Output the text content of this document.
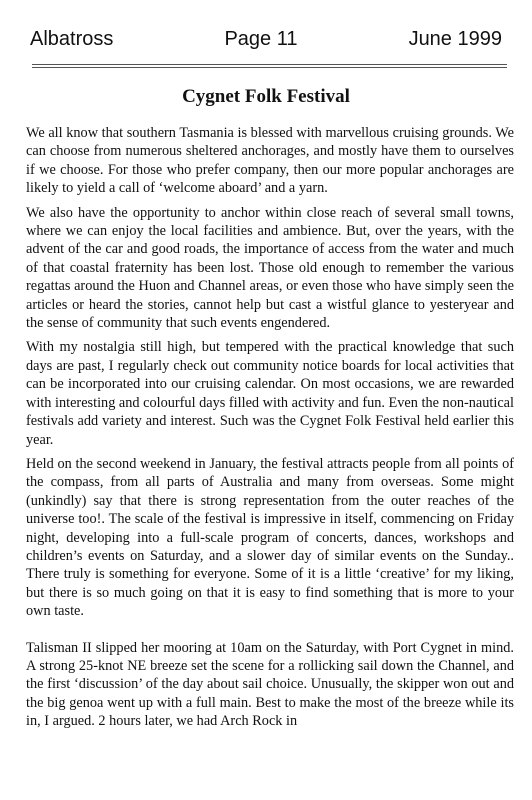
Albatross	Page 11	June 1999
Cygnet Folk Festival

We all know that southern Tasmania is blessed with marvellous cruising grounds. We can choose from numerous sheltered anchorages, and mostly have them to ourselves if we choose. For those who prefer company, then our more popular anchorages are likely to yield a call of ‘welcome aboard’ and a yarn.

We also have the opportunity to anchor within close reach of several small towns, where we can enjoy the local facilities and ambience. But, over the years, with the advent of the car and good roads, the importance of access from the water and much of that coastal fraternity has been lost. Those old enough to remember the various regattas around the Huon and Channel areas, or even those who have simply seen the articles or heard the stories, cannot help but cast a wistful glance to yesteryear and the sense of community that such events engendered.

With my nostalgia still high, but tempered with the practical knowledge that such days are past, I regularly check out community notice boards for local activities that can be incorporated into our cruising calendar. On most occasions, we are rewarded with interesting and colourful days filled with activity and fun. Even the non-nautical festivals add variety and interest. Such was the Cygnet Folk Festival held earlier this year.

Held on the second weekend in January, the festival attracts people from all points of the compass, from all parts of Australia and many from overseas. Some might (unkindly) say that there is strong representation from the outer reaches of the universe too!. The scale of the festival is impressive in itself, commencing on Friday night, developing into a full-scale program of concerts, dances, workshops and children’s events on Saturday, and a slower day of similar events on the Sunday.. There truly is something for everyone. Some of it is a little ‘creative’ for my liking, but there is so much going on that it is easy to find something that is more to your own taste.

Talisman II slipped her mooring at 10am on the Saturday, with Port Cygnet in mind. A strong 25-knot NE breeze set the scene for a rollicking sail down the Channel, and the first ‘discussion’ of the day about sail choice. Unusually, the skipper won out and the big genoa went up with a full main. Best to make the most of the breeze while its in, I argued. 2 hours later, we had Arch Rock in
